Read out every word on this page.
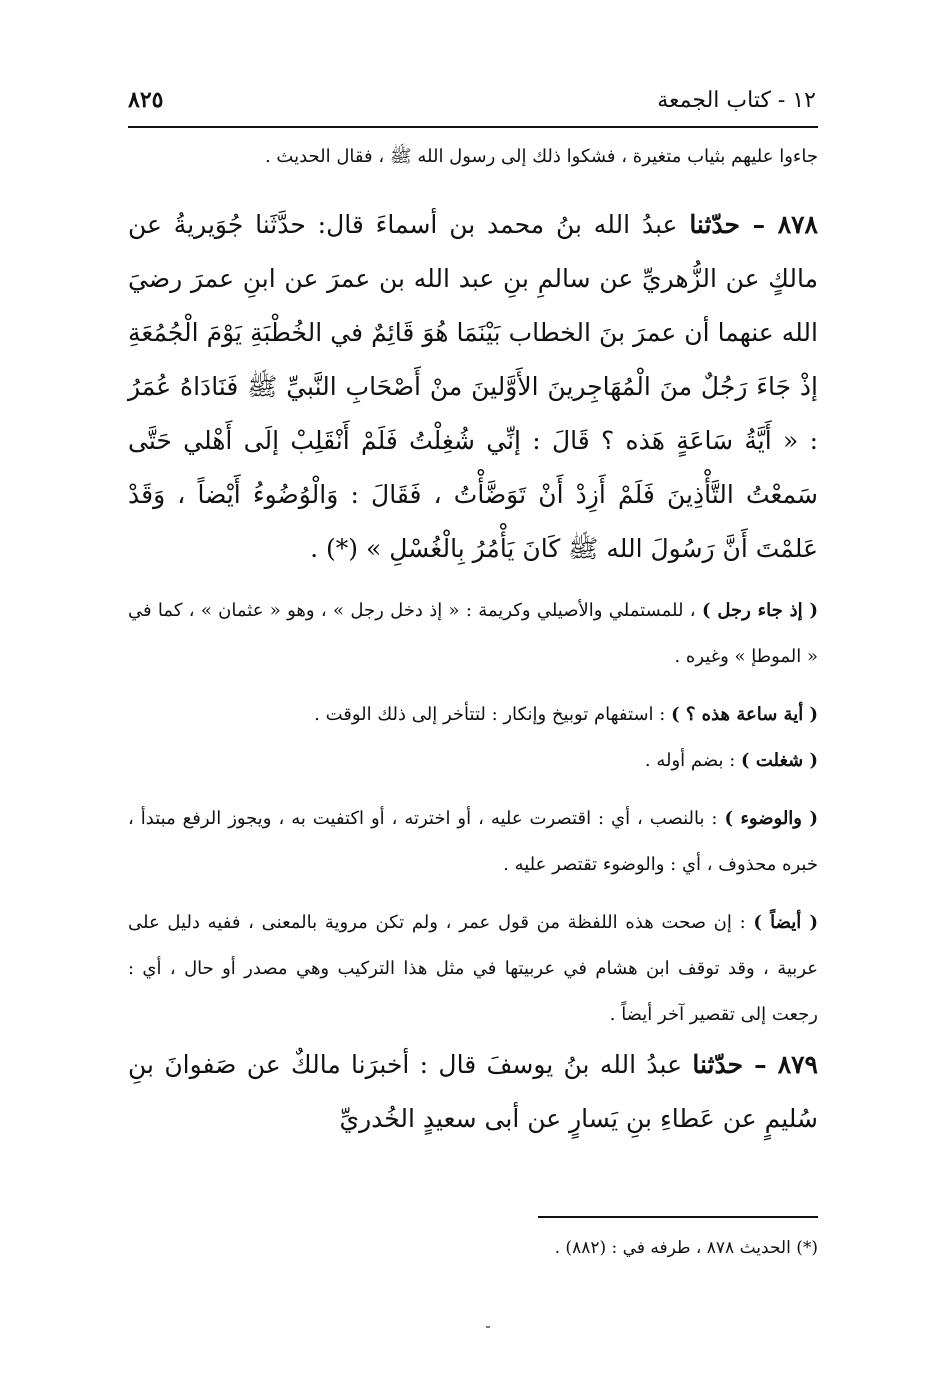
١٢ - كتاب الجمعة
٨٢٥

جاءوا عليهم بثياب متغيرة ، فشكوا ذلك إلى رسول الله ﷺ ، فقال الحديث .

٨٧٨ – حدّثنا عبدُ الله بنُ محمد بن أسماءَ قال: حدَّثَنا جُوَيريةُ عن مالكٍ عن الزُّهريِّ عن سالمِ بنِ عبد الله بن عمرَ عن ابنِ عمرَ رضيَ الله عنهما أن عمرَ بنَ الخطاب بَيْنَمَا هُوَ قَائِمٌ في الخُطْبَةِ يَوْمَ الْجُمُعَةِ إذْ جَاءَ رَجُلٌ منَ الْمُهَاجِرينَ الأَوَّلينَ منْ أَصْحَابِ النَّبيِّ ﷺ فَنَادَاهُ عُمَرُ : « أَيَّةُ سَاعَةٍ هَذه ؟ قَالَ : إنِّي شُغِلْتُ فَلَمْ أَنْقَلِبْ إلَى أَهْلي حَتَّى سَمعْتُ التَّأْذِينَ فَلَمْ أَزِدْ أَنْ تَوَضَّأْتُ ، فَقَالَ : وَالْوُضُوءُ أَيْضاً ، وَقَدْ عَلمْتَ أَنَّ رَسُولَ الله ﷺ كَانَ يَأْمُرُ بِالْغُسْلِ » (*) .

( إذ جاء رجل ) ، للمستملي والأصيلي وكريمة : « إذ دخل رجل » ، وهو « عثمان » ، كما في « الموطإ » وغيره .

( أية ساعة هذه ؟ ) : استفهام توبيخ وإنكار : لتتأخر إلى ذلك الوقت .

( شغلت ) : بضم أوله .

( والوضوء ) : بالنصب ، أي : اقتصرت عليه ، أو اخترته ، أو اكتفيت به ، ويجوز الرفع مبتدأ ، خبره محذوف ، أي : والوضوء تقتصر عليه .

( أيضاً ) : إن صحت هذه اللفظة من قول عمر ، ولم تكن مروية بالمعنى ، ففيه دليل على عربية ، وقد توقف ابن هشام في عربيتها في مثل هذا التركيب وهي مصدر أو حال ، أي : رجعت إلى تقصير آخر أيضاً .

٨٧٩ – حدّثنا عبدُ الله بنُ يوسفَ قال : أخبرَنا مالكٌ عن صَفوانَ بنِ سُليمٍ عن عَطاءِ بنِ يَسارٍ عن أبى سعيدٍ الخُدريِّ

(*) الحديث ٨٧٨ ، طرفه في : (٨٨٢) .
